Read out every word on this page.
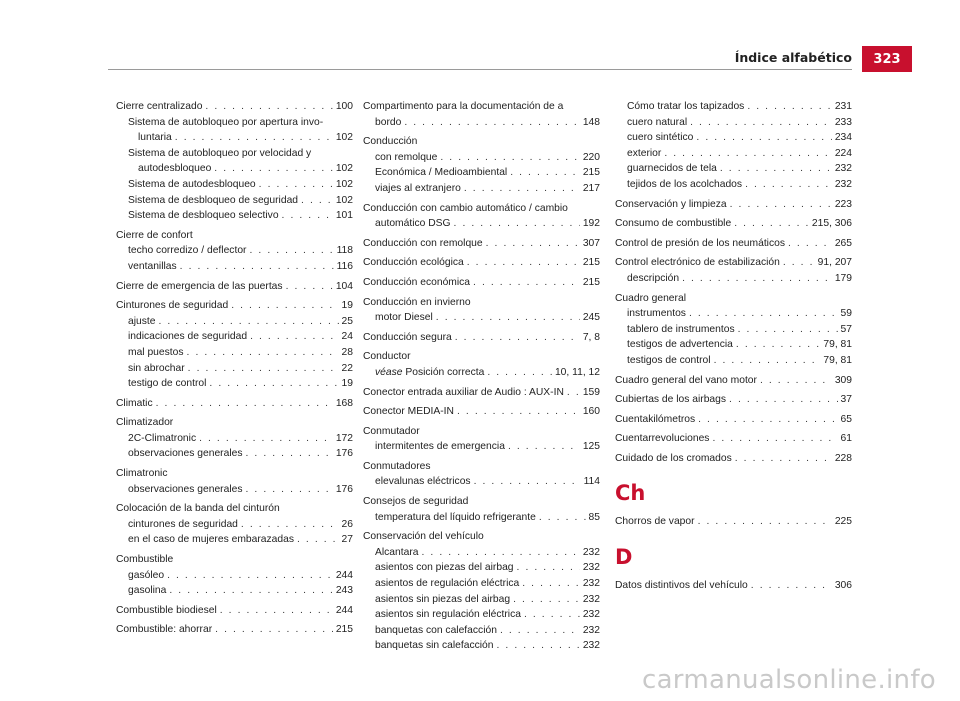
Índice alfabético	323
Cierre centralizado . . .	100
Sistema de autobloqueo por apertura invo-
luntaria . . .	102
Sistema de autobloqueo por velocidad y
autodesbloqueo . . .	102
Sistema de autodesbloqueo . . .	102
Sistema de desbloqueo de seguridad . . .	102
Sistema de desbloqueo selectivo . . .	101
Cierre de confort
techo corredizo / deflector . . .	118
ventanillas . . .	116
Cierre de emergencia de las puertas . . .	104
Cinturones de seguridad . . .	19
ajuste . . .	25
indicaciones de seguridad . . .	24
mal puestos . . .	28
sin abrochar . . .	22
testigo de control . . .	19
Climatic . . .	168
Climatizador
2C-Climatronic . . .	172
observaciones generales . . .	176
Climatronic
observaciones generales . . .	176
Colocación de la banda del cinturón
cinturones de seguridad . . .	26
en el caso de mujeres embarazadas . . .	27
Combustible
gasóleo . . .	244
gasolina . . .	243
Combustible biodiesel . . .	244
Combustible: ahorrar . . .	215
Compartimento para la documentación de a
bordo . . .	148
Conducción
con remolque . . .	220
Económica / Medioambiental . . .	215
viajes al extranjero . . .	217
Conducción con cambio automático / cambio
automático DSG . . .	192
Conducción con remolque . . .	307
Conducción ecológica . . .	215
Conducción económica . . .	215
Conducción en invierno
motor Diesel . . .	245
Conducción segura . . .	7, 8
Conductor
véase Posición correcta . . .	10, 11, 12
Conector entrada auxiliar de Audio : AUX-IN . . . 159
Conector MEDIA-IN . . .	160
Conmutador
intermitentes de emergencia . . .	125
Conmutadores
elevalunas eléctricos . . .	114
Consejos de seguridad
temperatura del líquido refrigerante . . .	85
Conservación del vehículo
Alcantara . . .	232
asientos con piezas del airbag . . .	232
asientos de regulación eléctrica . . .	232
asientos sin piezas del airbag . . .	232
asientos sin regulación eléctrica . . .	232
banquetas con calefacción . . .	232
banquetas sin calefacción . . .	232
Cómo tratar los tapizados . . .	231
cuero natural . . .	233
cuero sintético . . .	234
exterior . . .	224
guarnecidos de tela . . .	232
tejidos de los acolchados . . .	232
Conservación y limpieza . . .	223
Consumo de combustible . . .	215, 306
Control de presión de los neumáticos . . .	265
Control electrónico de estabilización . . .	91, 207
descripción . . .	179
Cuadro general
instrumentos . . .	59
tablero de instrumentos . . .	57
testigos de advertencia . . .	79, 81
testigos de control . . .	79, 81
Cuadro general del vano motor . . .	309
Cubiertas de los airbags . . .	37
Cuentakilómetros . . .	65
Cuentarrevoluciones . . .	61
Cuidado de los cromados . . .	228
Ch
Chorros de vapor . . .	225
D
Datos distintivos del vehículo . . .	306
carmanualsonline.info
